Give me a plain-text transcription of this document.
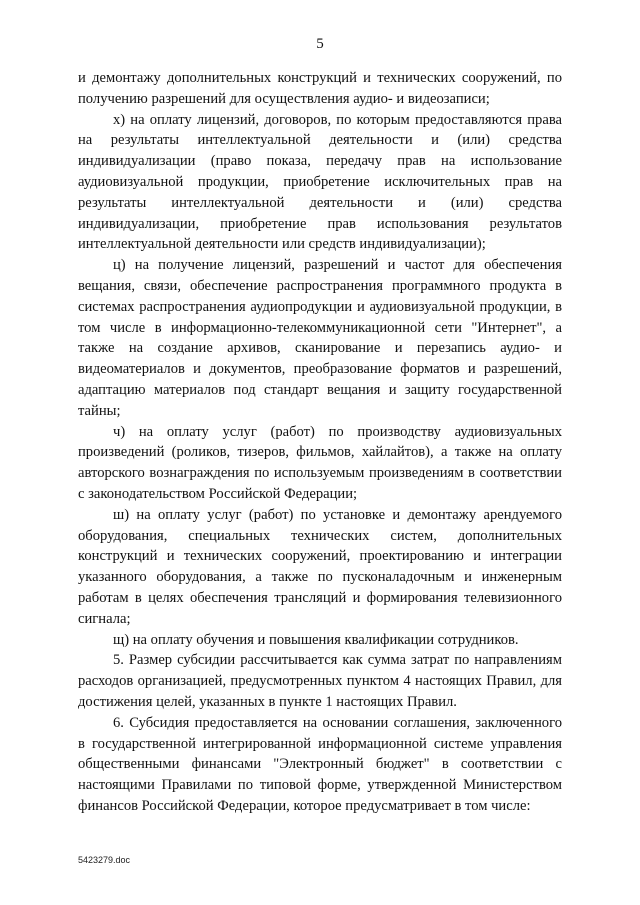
5

и демонтажу дополнительных конструкций и технических сооружений, по получению разрешений для осуществления аудио- и видеозаписи;

х) на оплату лицензий, договоров, по которым предоставляются права на результаты интеллектуальной деятельности и (или) средства индивидуализации (право показа, передачу прав на использование аудиовизуальной продукции, приобретение исключительных прав на результаты интеллектуальной деятельности и (или) средства индивидуализации, приобретение прав использования результатов интеллектуальной деятельности или средств индивидуализации);

ц) на получение лицензий, разрешений и частот для обеспечения вещания, связи, обеспечение распространения программного продукта в системах распространения аудиопродукции и аудиовизуальной продукции, в том числе в информационно-телекоммуникационной сети "Интернет", а также на создание архивов, сканирование и перезапись аудио- и видеоматериалов и документов, преобразование форматов и разрешений, адаптацию материалов под стандарт вещания и защиту государственной тайны;

ч) на оплату услуг (работ) по производству аудиовизуальных произведений (роликов, тизеров, фильмов, хайлайтов), а также на оплату авторского вознаграждения по используемым произведениям в соответствии с законодательством Российской Федерации;

ш) на оплату услуг (работ) по установке и демонтажу арендуемого оборудования, специальных технических систем, дополнительных конструкций и технических сооружений, проектированию и интеграции указанного оборудования, а также по пусконаладочным и инженерным работам в целях обеспечения трансляций и формирования телевизионного сигнала;

щ) на оплату обучения и повышения квалификации сотрудников.

5. Размер субсидии рассчитывается как сумма затрат по направлениям расходов организацией, предусмотренных пунктом 4 настоящих Правил, для достижения целей, указанных в пункте 1 настоящих Правил.

6. Субсидия предоставляется на основании соглашения, заключенного в государственной интегрированной информационной системе управления общественными финансами "Электронный бюджет" в соответствии с настоящими Правилами по типовой форме, утвержденной Министерством финансов Российской Федерации, которое предусматривает в том числе:

5423279.doc
